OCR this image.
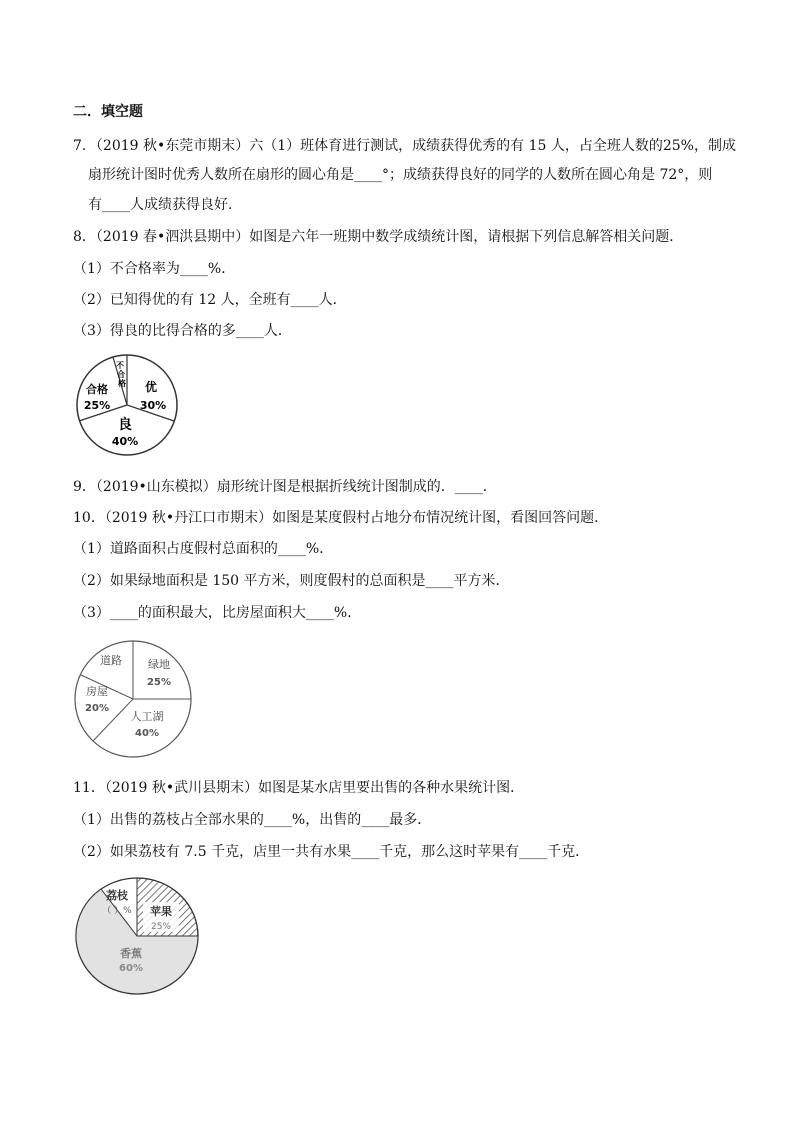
二．填空题
7．（2019 秋•东莞市期末）六（1）班体育进行测试，成绩获得优秀的有 15 人，占全班人数的25%，制成
扇形统计图时优秀人数所在扇形的圆心角是____°；成绩获得良好的同学的人数所在圆心角是 72°，则
有____人成绩获得良好．
8．（2019 春•泗洪县期中）如图是六年一班期中数学成绩统计图，请根据下列信息解答相关问题．
（1）不合格率为____%．
（2）已知得优的有 12 人，全班有____人．
（3）得良的比得合格的多____人．
不
合
格
合格
25%
优
30%
良
40%
9．（2019•山东模拟）扇形统计图是根据折线统计图制成的．____．
10．（2019 秋•丹江口市期末）如图是某度假村占地分布情况统计图，看图回答问题．
（1）道路面积占度假村总面积的____%．
（2）如果绿地面积是 150 平方米，则度假村的总面积是____平方米．
（3）____的面积最大，比房屋面积大____%．
道路 绿地
25%
房屋
20%
人工湖
40%
11．（2019 秋•武川县期末）如图是某水店里要出售的各种水果统计图．
（1）出售的荔枝占全部水果的____%，出售的____最多．
（2）如果荔枝有 7.5 千克，店里一共有水果____千克，那么这时苹果有____千克．
荔枝
（ ）% 苹果
25%
香蕉
60%
